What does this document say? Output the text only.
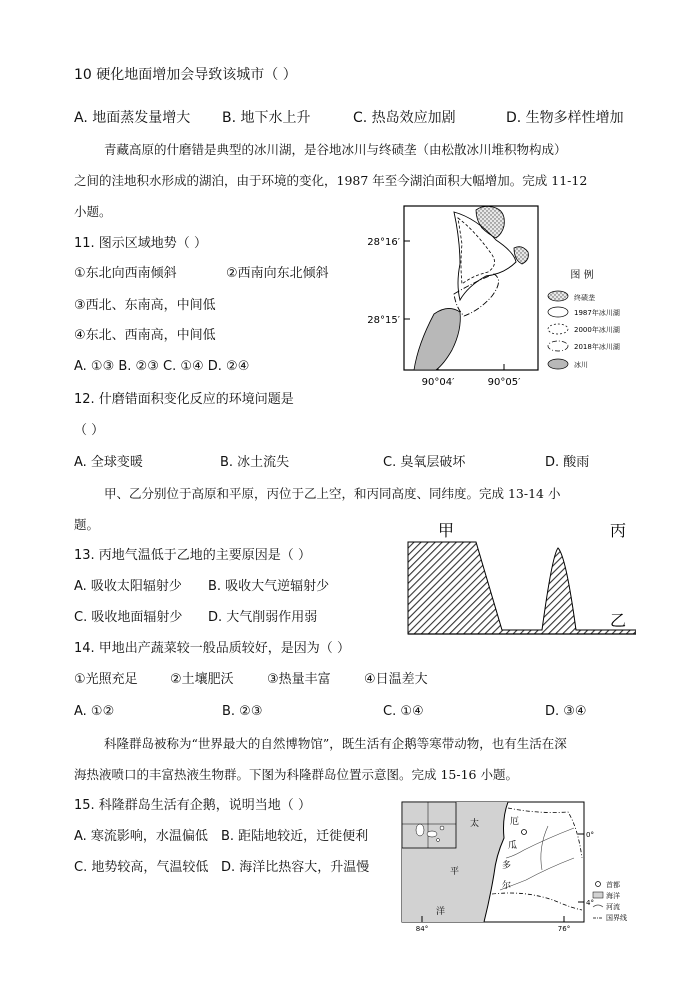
10 硬化地面增加会导致该城市（ ）
A. 地面蒸发量增大 B. 地下水上升	C. 热岛效应加剧	D. 生物多样性增加
青藏高原的什磨错是典型的冰川湖，是谷地冰川与终碛垄（由松散冰川堆积物构成）
之间的洼地积水形成的湖泊，由于环境的变化，1987 年至今湖泊面积大幅增加。完成 11-12
小题。
11. 图示区域地势（ ）
①东北向西南倾斜	②西南向东北倾斜
③西北、东南高，中间低
④东北、西南高，中间低
A. ①③ B. ②③ C. ①④ D. ②④
28°16′
28°15′
90°04′	90°05′
图 例
终碛垄
1987年冰川湖
2000年冰川湖
2018年冰川湖
冰川
12. 什磨错面积变化反应的环境问题是
（ ）
A. 全球变暖	B. 冰土流失	C. 臭氧层破坏	D. 酸雨
甲、乙分别位于高原和平原，丙位于乙上空，和丙同高度、同纬度。完成 13-14 小
题。	甲	丙
乙
13. 丙地气温低于乙地的主要原因是（ ）
A. 吸收太阳辐射少 B. 吸收大气逆辐射少
C. 吸收地面辐射少 D. 大气削弱作用弱
14. 甲地出产蔬菜较一般品质较好，是因为（ ）
①光照充足 ②土壤肥沃	③热量丰富	④日温差大
A. ①②	B. ②③	C. ①④	D. ③④
科隆群岛被称为“世界最大的自然博物馆”，既生活有企鹅等寒带动物，也有生活在深
海热液喷口的丰富热液生物群。下图为科隆群岛位置示意图。完成 15-16 小题。
15. 科隆群岛生活有企鹅，说明当地（ ）
A. 寒流影响，水温偏低 B. 距陆地较近，迁徙便利
C. 地势较高，气温较低 D. 海洋比热容大，升温慢
太
平
洋
厄
瓜
多
尔
0°
4°
84°	76°
首都
海洋
河流
国界线
